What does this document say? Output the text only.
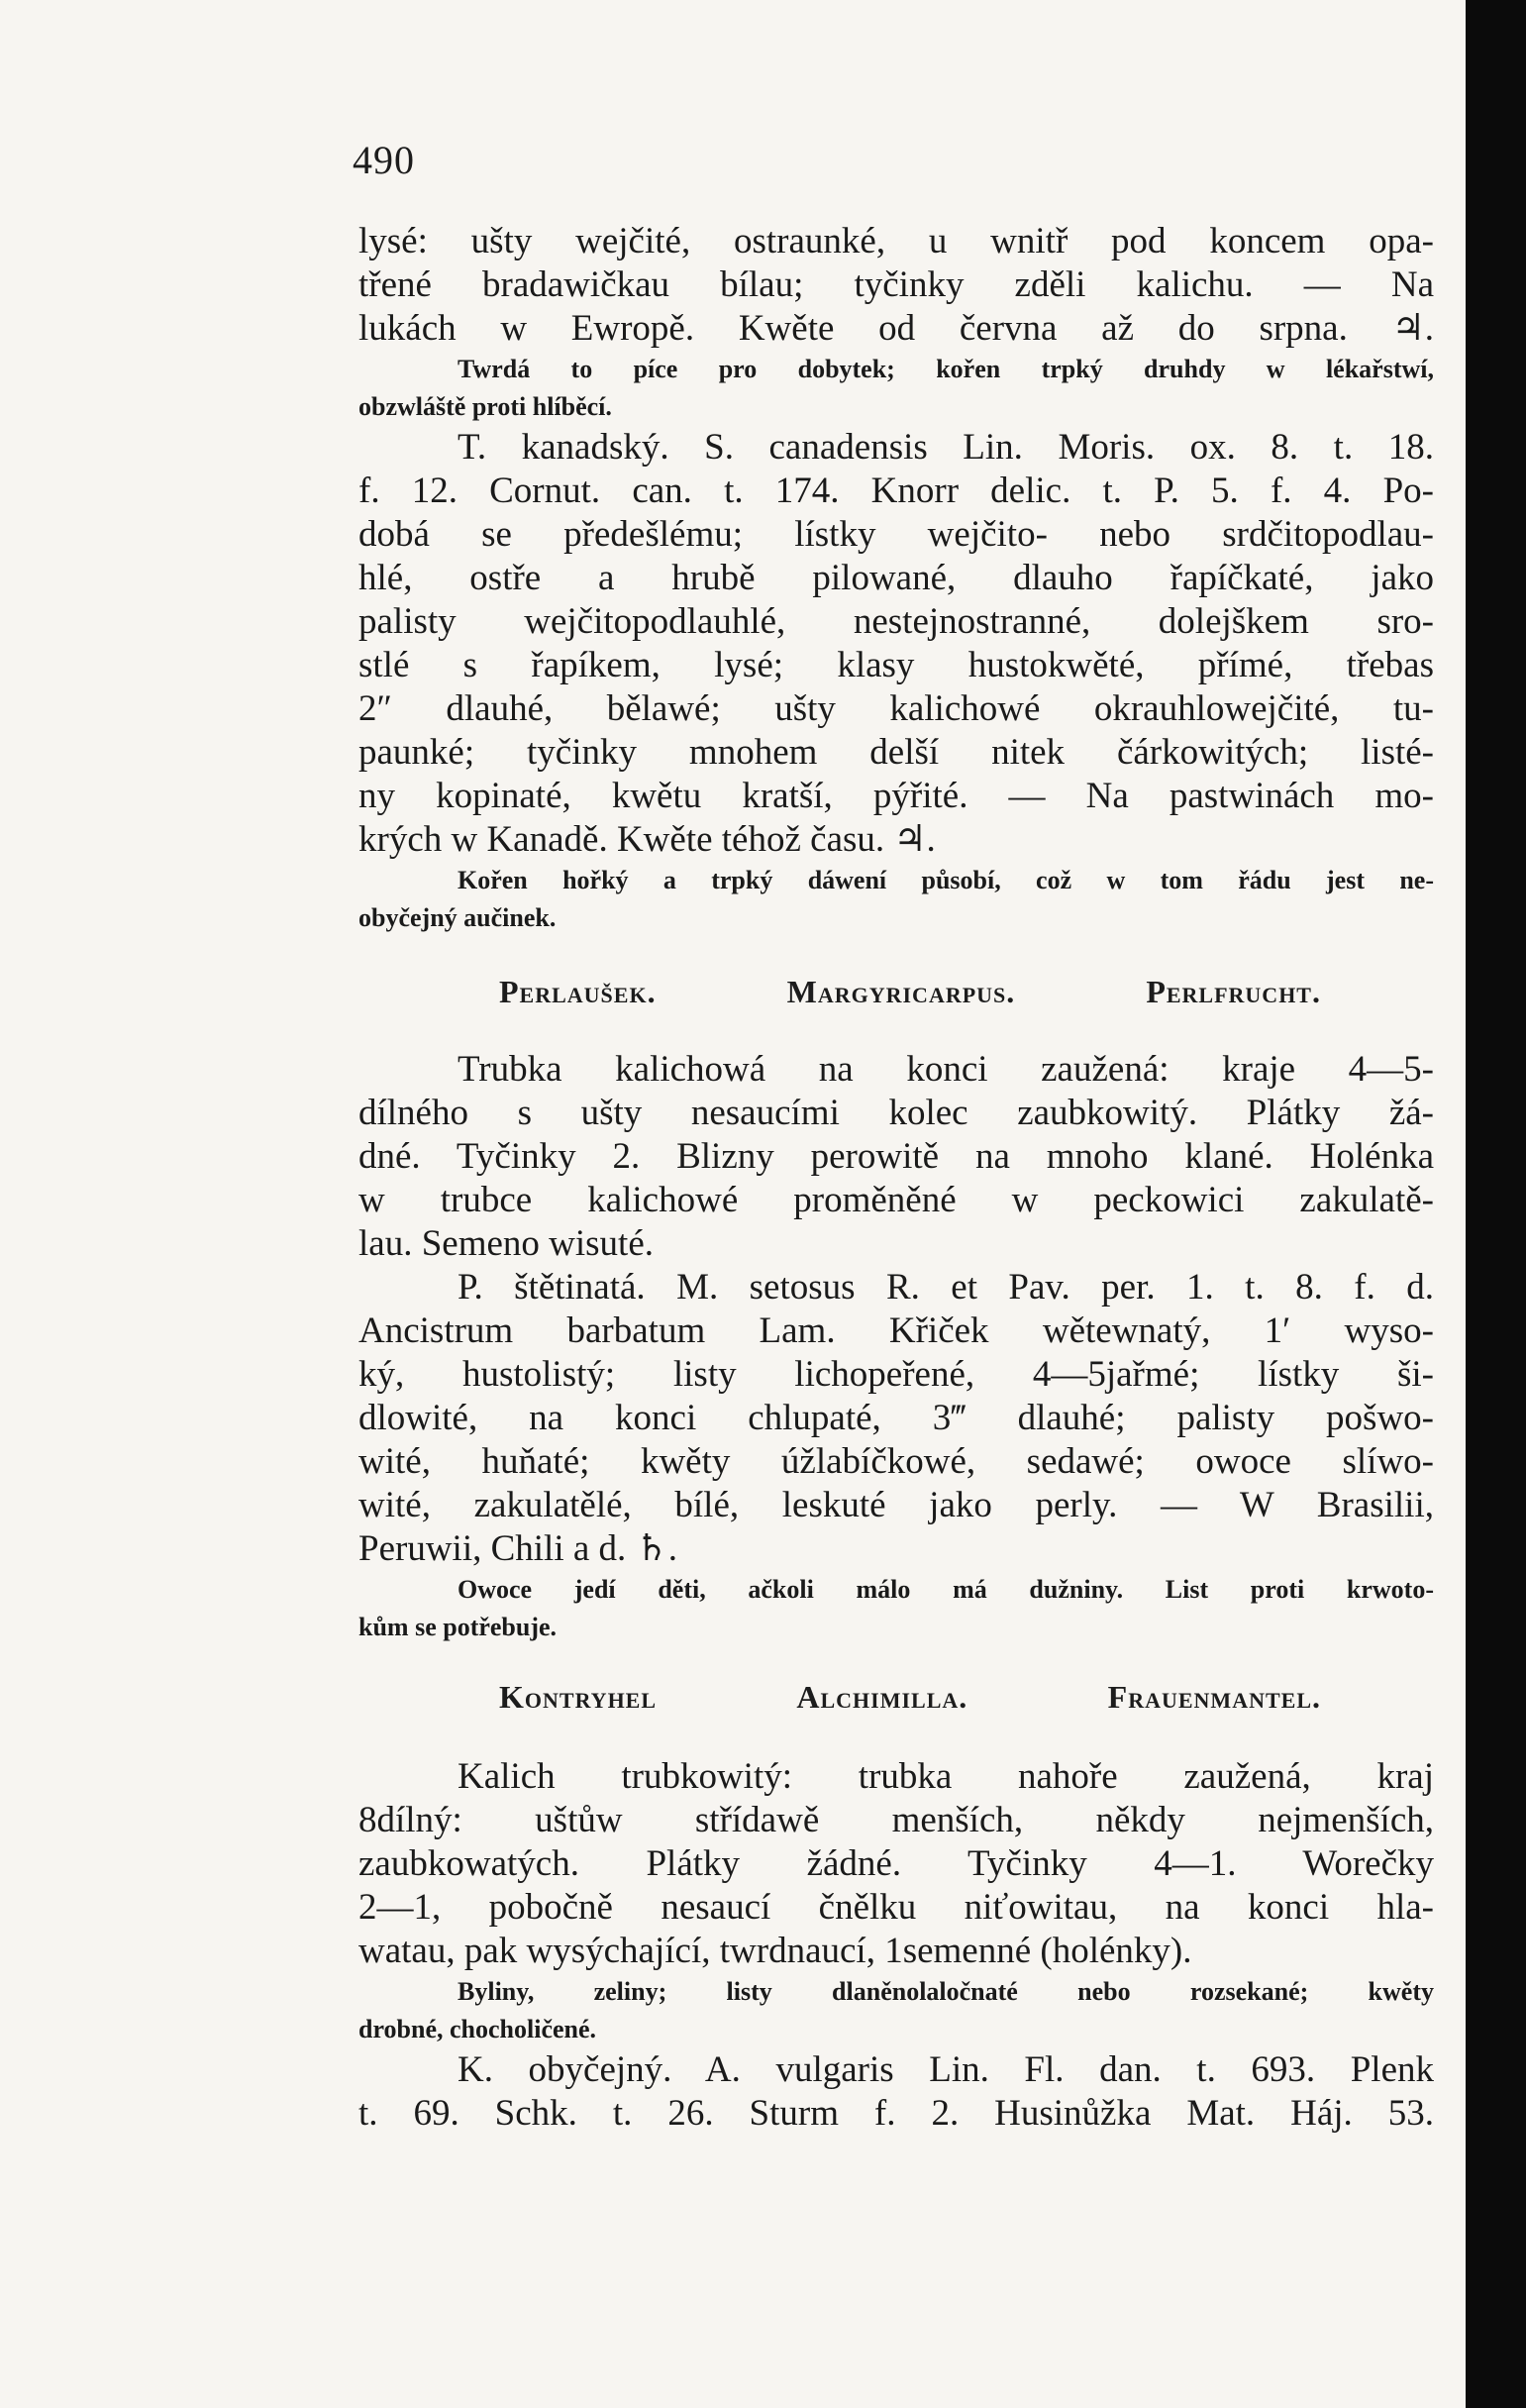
490
lysé: ušty wejčité, ostraunké, u wnitř pod koncem opa-
třené bradawičkau bílau; tyčinky zděli kalichu. — Na
lukách w Ewropě. Kwěte od června až do srpna. ♃.
Twrdá to píce pro dobytek; kořen trpký druhdy w lékařstwí,
obzwláště proti hlíběcí.
T. kanadský. S. canadensis Lin. Moris. ox. 8. t. 18.
f. 12. Cornut. can. t. 174. Knorr delic. t. P. 5. f. 4. Po-
dobá se předešlému; lístky wejčito- nebo srdčitopodlau-
hlé, ostře a hrubě pilowané, dlauho řapíčkaté, jako
palisty wejčitopodlauhlé, nestejnostranné, dolejškem sro-
stlé s řapíkem, lysé; klasy hustokwěté, přímé, třebas
2″ dlauhé, bělawé; ušty kalichowé okrauhlowejčité, tu-
paunké; tyčinky mnohem delší nitek čárkowitých; listé-
ny kopinaté, kwětu kratší, pýřité. — Na pastwinách mo-
krých w Kanadě. Kwěte téhož času. ♃.
Kořen hořký a trpký dáwení působí, což w tom řádu jest ne-
obyčejný aučinek.
Perlaušek.	Margyricarpus.	Perlfrucht.
Trubka kalichowá na konci zaužená: kraje 4—5-
dílného s ušty nesaucími kolec zaubkowitý. Plátky žá-
dné. Tyčinky 2. Blizny perowitě na mnoho klané. Holénka
w trubce kalichowé proměněné w peckowici zakulatě-
lau. Semeno wisuté.
P. štětinatá. M. setosus R. et Pav. per. 1. t. 8. f. d.
Ancistrum barbatum Lam. Křiček wětewnatý, 1′ wyso-
ký, hustolistý; listy lichopeřené, 4—5jařmé; lístky ši-
dlowité, na konci chlupaté, 3‴ dlauhé; palisty pošwo-
wité, huňaté; kwěty úžlabíčkowé, sedawé; owoce slíwo-
wité, zakulatělé, bílé, leskuté jako perly. — W Brasilii,
Peruwii, Chili a d. ♄.
Owoce jedí děti, ačkoli málo má dužniny. List proti krwoto-
kům se potřebuje.
Kontryhel	Alchimilla.	Frauenmantel.
Kalich trubkowitý: trubka nahoře zaužená, kraj
8dílný: uštůw střídawě menších, někdy nejmenších,
zaubkowatých. Plátky žádné. Tyčinky 4—1. Worečky
2—1, pobočně nesaucí čnělku niťowitau, na konci hla-
watau, pak wysýchající, twrdnaucí, 1semenné (holénky).
Byliny, zeliny; listy dlaněnolaločnaté nebo rozsekané; kwěty
drobné, chocholičené.
K. obyčejný. A. vulgaris Lin. Fl. dan. t. 693. Plenk
t. 69. Schk. t. 26. Sturm f. 2. Husinůžka Mat. Háj. 53.
